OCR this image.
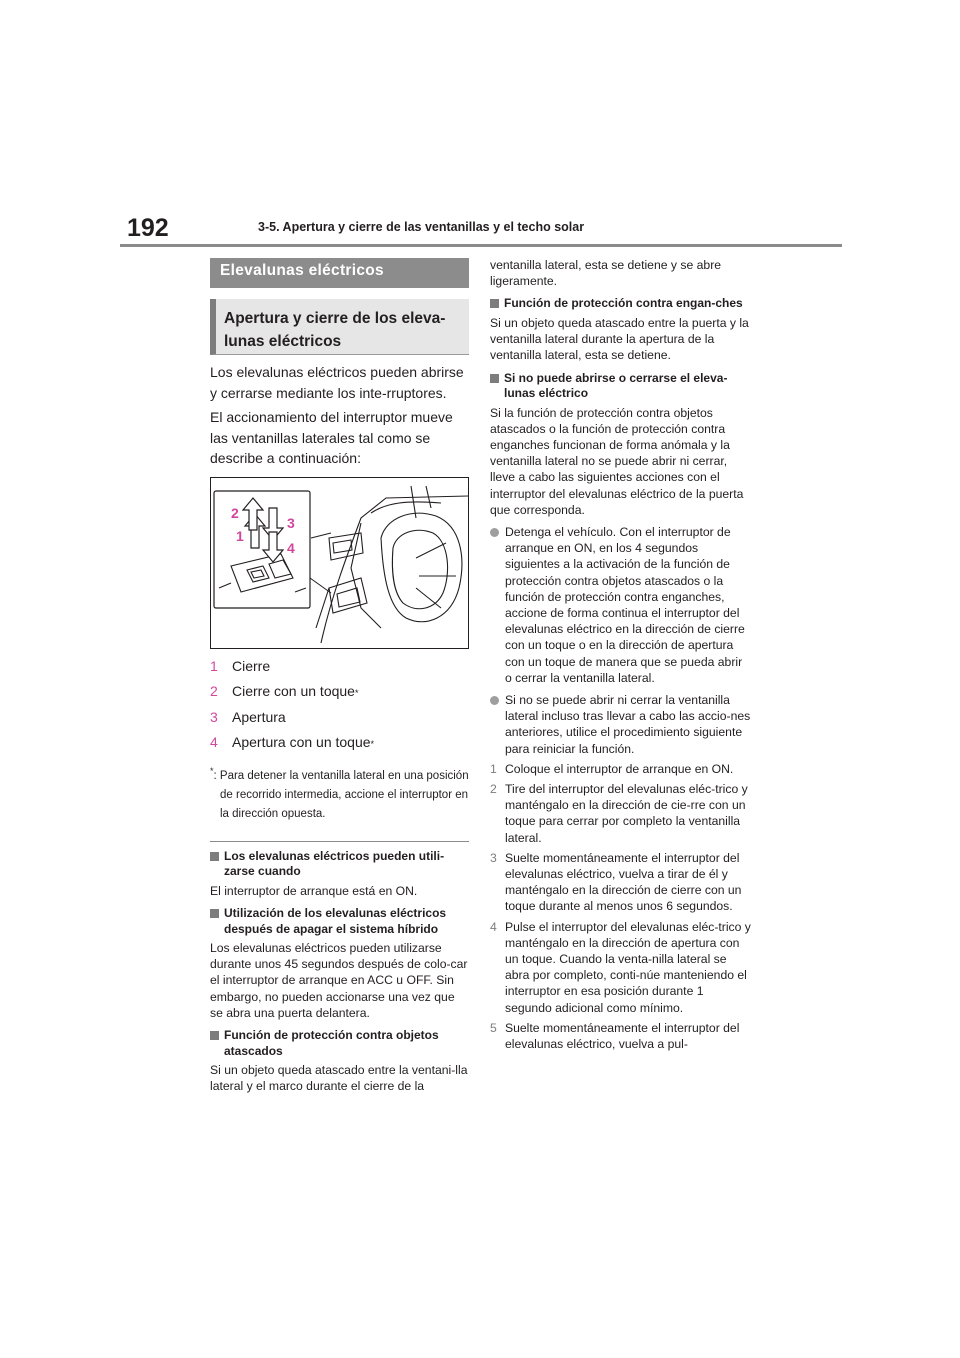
192	3-5. Apertura y cierre de las ventanillas y el techo solar
Elevalunas eléctricos
Apertura y cierre de los eleva-lunas eléctricos

Los elevalunas eléctricos pueden abrirse y cerrarse mediante los inte-rruptores.

El accionamiento del interruptor mueve las ventanillas laterales tal como se describe a continuación:

2
3
1
4
1	Cierre
2	Cierre con un toque *
3	Apertura
4	Apertura con un toque *
*: Para detener la ventanilla lateral en una posición de recorrido intermedia, accione el interruptor en la dirección opuesta.
Los elevalunas eléctricos pueden utili-zarse cuando
El interruptor de arranque está en ON.
Utilización de los elevalunas eléctricos después de apagar el sistema híbrido
Los elevalunas eléctricos pueden utilizarse durante unos 45 segundos después de colo-car el interruptor de arranque en ACC u OFF. Sin embargo, no pueden accionarse una vez que se abra una puerta delantera.
Función de protección contra objetos atascados
Si un objeto queda atascado entre la ventani-lla lateral y el marco durante el cierre de la
ventanilla lateral, esta se detiene y se abre ligeramente.
Función de protección contra engan-ches
Si un objeto queda atascado entre la puerta y la ventanilla lateral durante la apertura de la ventanilla lateral, esta se detiene.
Si no puede abrirse o cerrarse el eleva-lunas eléctrico
Si la función de protección contra objetos atascados o la función de protección contra enganches funcionan de forma anómala y la ventanilla lateral no se puede abrir ni cerrar, lleve a cabo las siguientes acciones con el interruptor del elevalunas eléctrico de la puerta que corresponda.
Detenga el vehículo. Con el interruptor de arranque en ON, en los 4 segundos siguientes a la activación de la función de protección contra objetos atascados o la función de protección contra enganches, accione de forma continua el interruptor del elevalunas eléctrico en la dirección de cierre con un toque o en la dirección de apertura con un toque de manera que se pueda abrir o cerrar la ventanilla lateral.
Si no se puede abrir ni cerrar la ventanilla lateral incluso tras llevar a cabo las accio-nes anteriores, utilice el procedimiento siguiente para reiniciar la función.
1 Coloque el interruptor de arranque en ON.
2 Tire del interruptor del elevalunas eléc-trico y manténgalo en la dirección de cie-rre con un toque para cerrar por completo la ventanilla lateral.
3 Suelte momentáneamente el interruptor del elevalunas eléctrico, vuelva a tirar de él y manténgalo en la dirección de cierre con un toque durante al menos unos 6 segundos.
4 Pulse el interruptor del elevalunas eléc-trico y manténgalo en la dirección de apertura con un toque. Cuando la venta-nilla lateral se abra por completo, conti-núe manteniendo el interruptor en esa posición durante 1 segundo adicional como mínimo.
5 Suelte momentáneamente el interruptor del elevalunas eléctrico, vuelva a pul-
